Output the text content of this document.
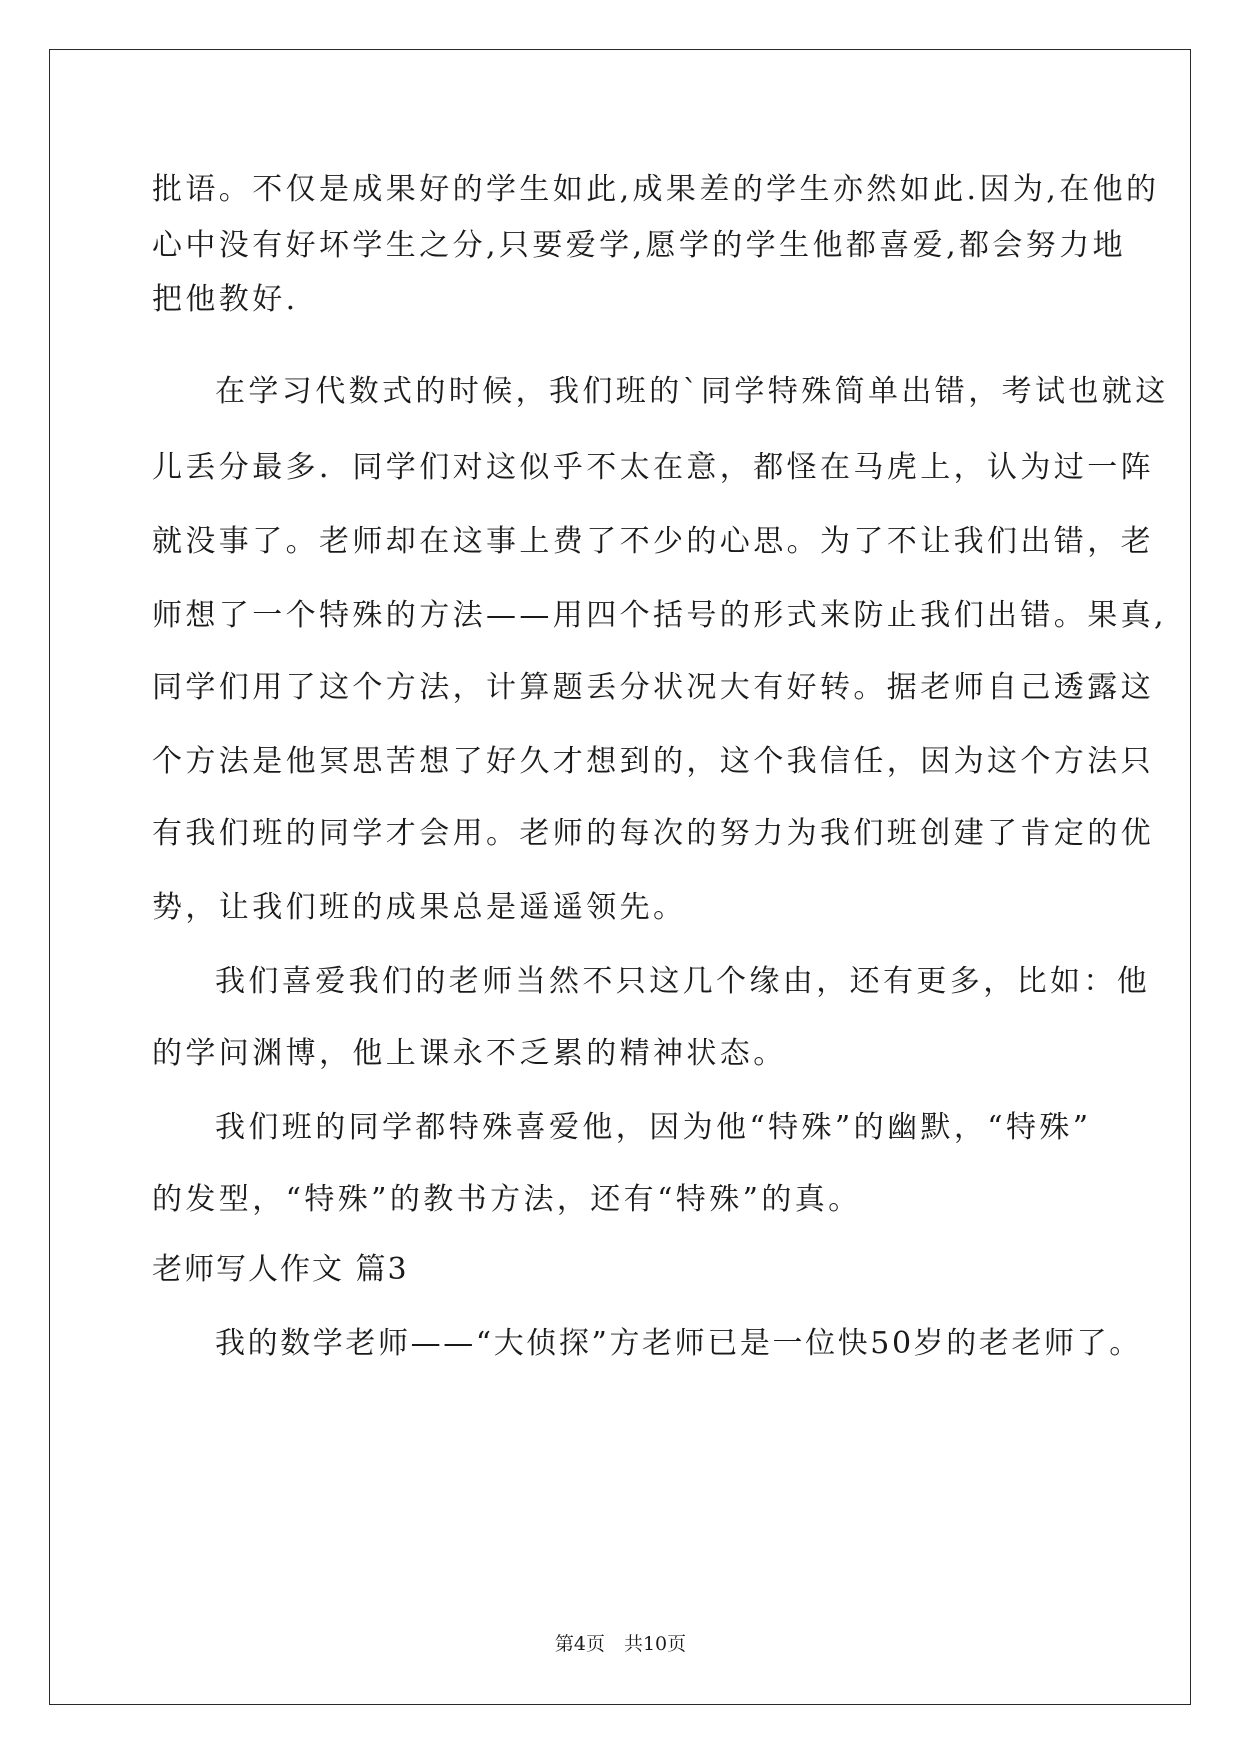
批语。不仅是成果好的学生如此,成果差的学生亦然如此.因为,在他的
心中没有好坏学生之分,只要爱学,愿学的学生他都喜爱,都会努力地
把他教好.
在学习代数式的时候，我们班的`同学特殊简单出错，考试也就这
儿丢分最多．同学们对这似乎不太在意，都怪在马虎上，认为过一阵
就没事了。老师却在这事上费了不少的心思。为了不让我们出错，老
师想了一个特殊的方法——用四个括号的形式来防止我们出错。果真,
同学们用了这个方法，计算题丢分状况大有好转。据老师自己透露这
个方法是他冥思苦想了好久才想到的，这个我信任，因为这个方法只
有我们班的同学才会用。老师的每次的努力为我们班创建了肯定的优
势，让我们班的成果总是遥遥领先。
我们喜爱我们的老师当然不只这几个缘由，还有更多，比如：他
的学问渊博，他上课永不乏累的精神状态。
我们班的同学都特殊喜爱他，因为他“特殊”的幽默，“特殊”
的发型，“特殊”的教书方法，还有“特殊”的真。
老师写人作文 篇3
我的数学老师——“大侦探”方老师已是一位快50岁的老老师了。
第4页　共10页
